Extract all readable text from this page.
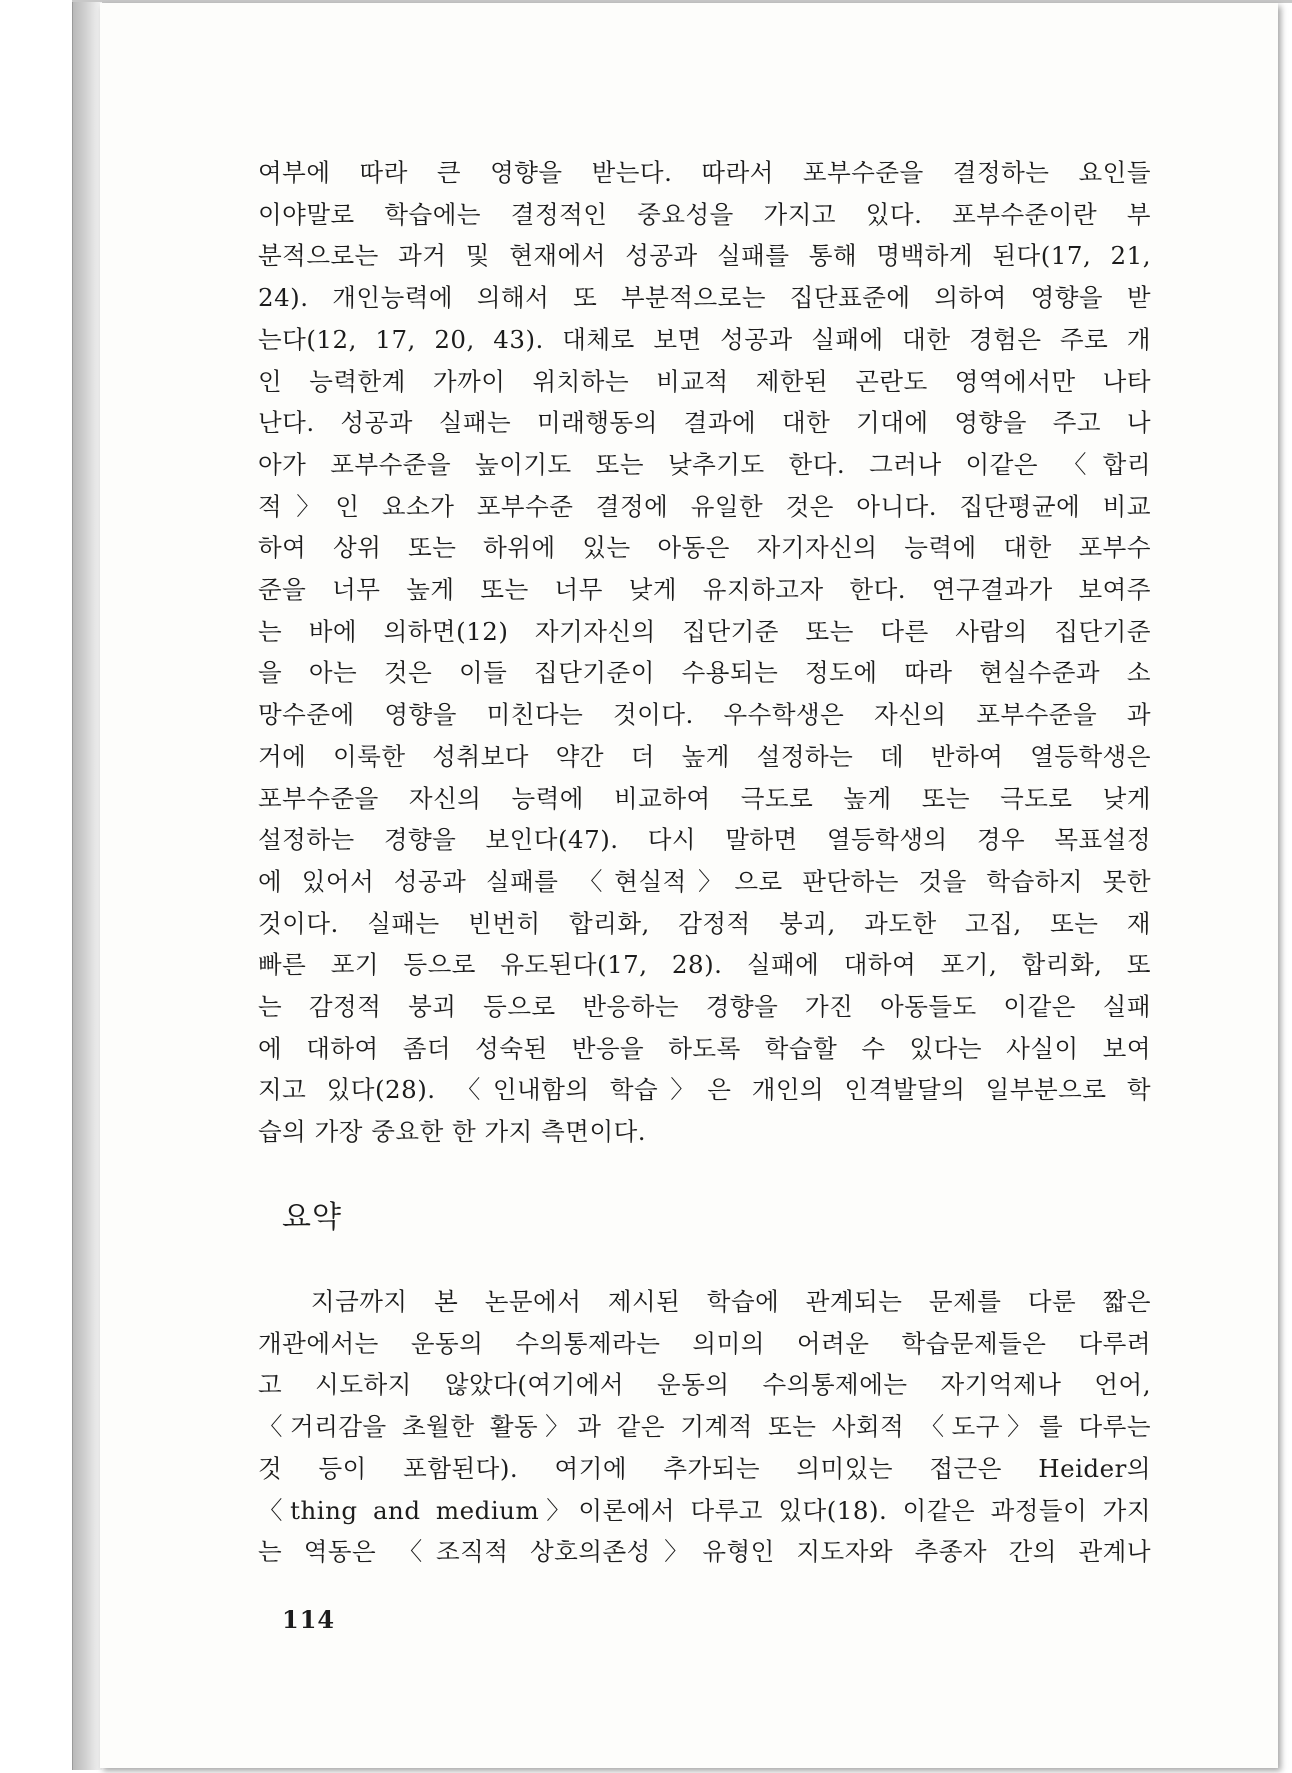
여부에 따라 큰 영향을 받는다. 따라서 포부수준을 결정하는 요인들

이야말로 학습에는 결정적인 중요성을 가지고 있다. 포부수준이란 부

분적으로는 과거 및 현재에서 성공과 실패를 통해 명백하게 된다(17, 21,

24). 개인능력에 의해서 또 부분적으로는 집단표준에 의하여 영향을 받

는다(12, 17, 20, 43). 대체로 보면 성공과 실패에 대한 경험은 주로 개

인 능력한계 가까이 위치하는 비교적 제한된 곤란도 영역에서만 나타

난다. 성공과 실패는 미래행동의 결과에 대한 기대에 영향을 주고 나

아가 포부수준을 높이기도 또는 낮추기도 한다. 그러나 이같은 〈합리

적〉인 요소가 포부수준 결정에 유일한 것은 아니다. 집단평균에 비교

하여 상위 또는 하위에 있는 아동은 자기자신의 능력에 대한 포부수

준을 너무 높게 또는 너무 낮게 유지하고자 한다. 연구결과가 보여주

는 바에 의하면(12) 자기자신의 집단기준 또는 다른 사람의 집단기준

을 아는 것은 이들 집단기준이 수용되는 정도에 따라 현실수준과 소

망수준에 영향을 미친다는 것이다. 우수학생은 자신의 포부수준을 과

거에 이룩한 성취보다 약간 더 높게 설정하는 데 반하여 열등학생은

포부수준을 자신의 능력에 비교하여 극도로 높게 또는 극도로 낮게

설정하는 경향을 보인다(47). 다시 말하면 열등학생의 경우 목표설정

에 있어서 성공과 실패를 〈현실적〉으로 판단하는 것을 학습하지 못한

것이다. 실패는 빈번히 합리화, 감정적 붕괴, 과도한 고집, 또는 재

빠른 포기 등으로 유도된다(17, 28). 실패에 대하여 포기, 합리화, 또

는 감정적 붕괴 등으로 반응하는 경향을 가진 아동들도 이같은 실패

에 대하여 좀더 성숙된 반응을 하도록 학습할 수 있다는 사실이 보여

지고 있다(28). 〈인내함의 학습〉은 개인의 인격발달의 일부분으로 학

습의 가장 중요한 한 가지 측면이다.

요약

지금까지 본 논문에서 제시된 학습에 관계되는 문제를 다룬 짧은

개관에서는 운동의 수의통제라는 의미의 어려운 학습문제들은 다루려

고 시도하지 않았다(여기에서 운동의 수의통제에는 자기억제나 언어,

〈거리감을 초월한 활동〉과 같은 기계적 또는 사회적 〈도구〉를 다루는

것 등이 포함된다). 여기에 추가되는 의미있는 접근은 Heider의

〈thing and medium〉이론에서 다루고 있다(18). 이같은 과정들이 가지

는 역동은 〈조직적 상호의존성〉유형인 지도자와 추종자 간의 관계나

114
